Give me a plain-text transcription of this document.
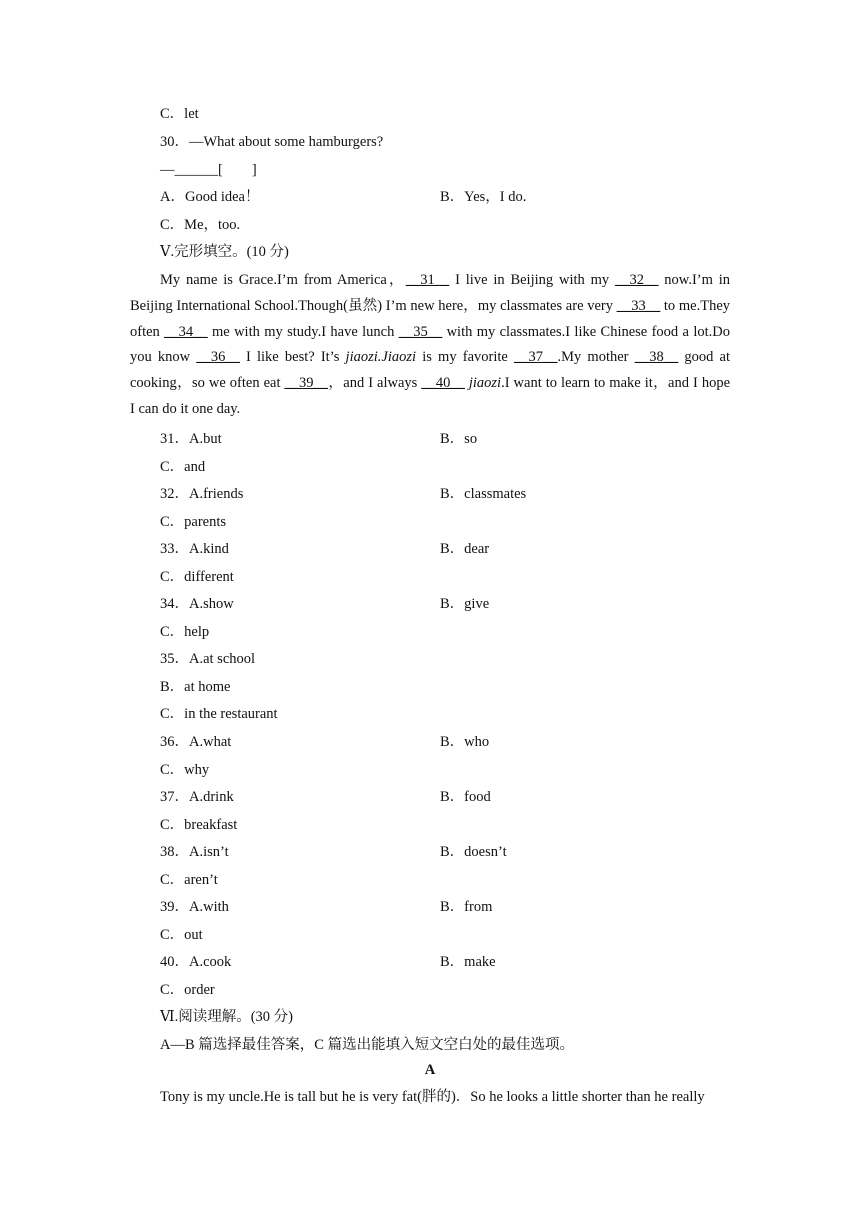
C．let
30．—What about some hamburgers?
—______[　　]
A．Good idea！	B．Yes，I do.
C．Me，too.
Ⅴ.完形填空。(10 分)
My name is Grace.I’m from America，__31__ I live in Beijing with my __32__ now.I’m in Beijing International School.Though(虽然) I’m new here，my classmates are very __33__ to me.They often __34__ me with my study.I have lunch __35__ with my classmates.I like Chinese food a lot.Do you know __36__ I like best? It’s jiaozi.Jiaozi is my favorite __37__.My mother __38__ good at cooking，so we often eat __39__，and I always __40__ jiaozi.I want to learn to make it，and I hope I can do it one day.
31．A.but	B．so
C．and
32．A.friends	B．classmates
C．parents
33．A.kind	B．dear
C．different
34．A.show	B．give
C．help
35．A.at school
B．at home
C．in the restaurant
36．A.what	B．who
C．why
37．A.drink	B．food
C．breakfast
38．A.isn’t	B．doesn’t
C．aren’t
39．A.with	B．from
C．out
40．A.cook	B．make
C．order
Ⅵ.阅读理解。(30 分)
A—B 篇选择最佳答案，C 篇选出能填入短文空白处的最佳选项。
A
Tony is my uncle.He is tall but he is very fat(胖的)．So he looks a little shorter than he really
